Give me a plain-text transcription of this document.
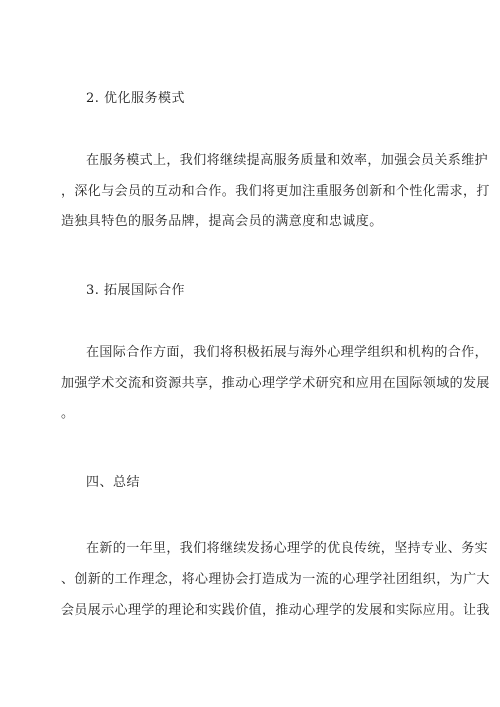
2. 优化服务模式
在服务模式上，我们将继续提高服务质量和效率，加强会员关系维护
，深化与会员的互动和合作。我们将更加注重服务创新和个性化需求，打
造独具特色的服务品牌，提高会员的满意度和忠诚度。
3. 拓展国际合作
在国际合作方面，我们将积极拓展与海外心理学组织和机构的合作，
加强学术交流和资源共享，推动心理学学术研究和应用在国际领域的发展
。
四、总结
在新的一年里，我们将继续发扬心理学的优良传统，坚持专业、务实
、创新的工作理念，将心理协会打造成为一流的心理学社团组织，为广大
会员展示心理学的理论和实践价值，推动心理学的发展和实际应用。让我
